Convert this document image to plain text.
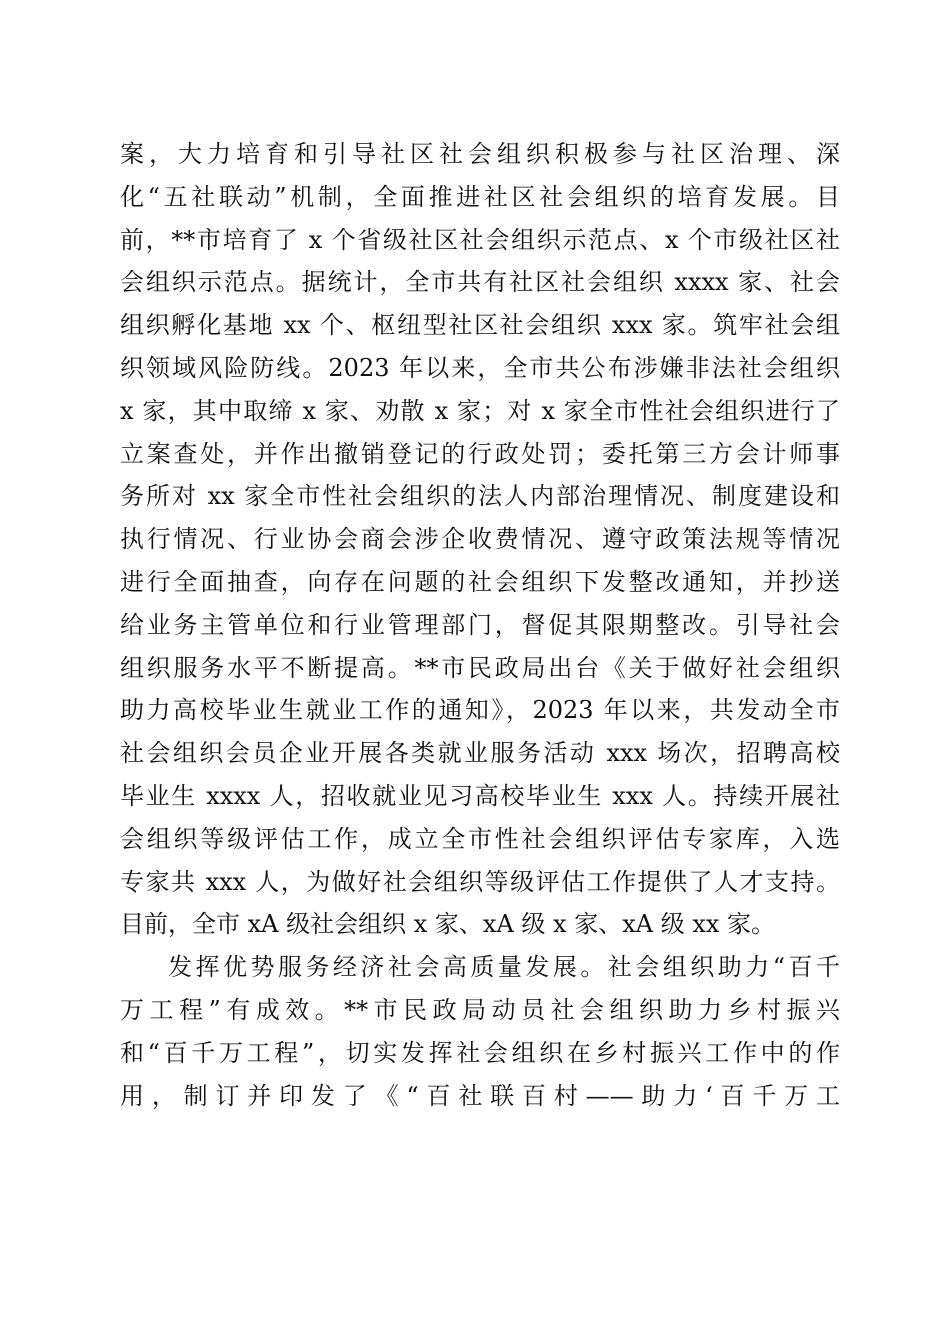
案，大力培育和引导社区社会组织积极参与社区治理、深
化“五社联动”机制，全面推进社区社会组织的培育发展。目
前，**市培育了 x 个省级社区社会组织示范点、x 个市级社区社
会组织示范点。据统计，全市共有社区社会组织 xxxx 家、社会
组织孵化基地 xx 个、枢纽型社区社会组织 xxx 家。筑牢社会组
织领域风险防线。2023 年以来，全市共公布涉嫌非法社会组织
x 家，其中取缔 x 家、劝散 x 家；对 x 家全市性社会组织进行了
立案查处，并作出撤销登记的行政处罚；委托第三方会计师事
务所对 xx 家全市性社会组织的法人内部治理情况、制度建设和
执行情况、行业协会商会涉企收费情况、遵守政策法规等情况
进行全面抽查，向存在问题的社会组织下发整改通知，并抄送
给业务主管单位和行业管理部门，督促其限期整改。引导社会
组织服务水平不断提高。**市民政局出台《关于做好社会组织
助力高校毕业生就业工作的通知》，2023 年以来，共发动全市
社会组织会员企业开展各类就业服务活动 xxx 场次，招聘高校
毕业生 xxxx 人，招收就业见习高校毕业生 xxx 人。持续开展社
会组织等级评估工作，成立全市性社会组织评估专家库，入选
专家共 xxx 人，为做好社会组织等级评估工作提供了人才支持。
目前，全市 xA 级社会组织 x 家、xA 级 x 家、xA 级 xx 家。
发挥优势服务经济社会高质量发展。社会组织助力“百千
万工程”有成效。**市民政局动员社会组织助力乡村振兴
和“百千万工程”，切实发挥社会组织在乡村振兴工作中的作
用，制订并印发了《“百社联百村——助力‘百千万工
